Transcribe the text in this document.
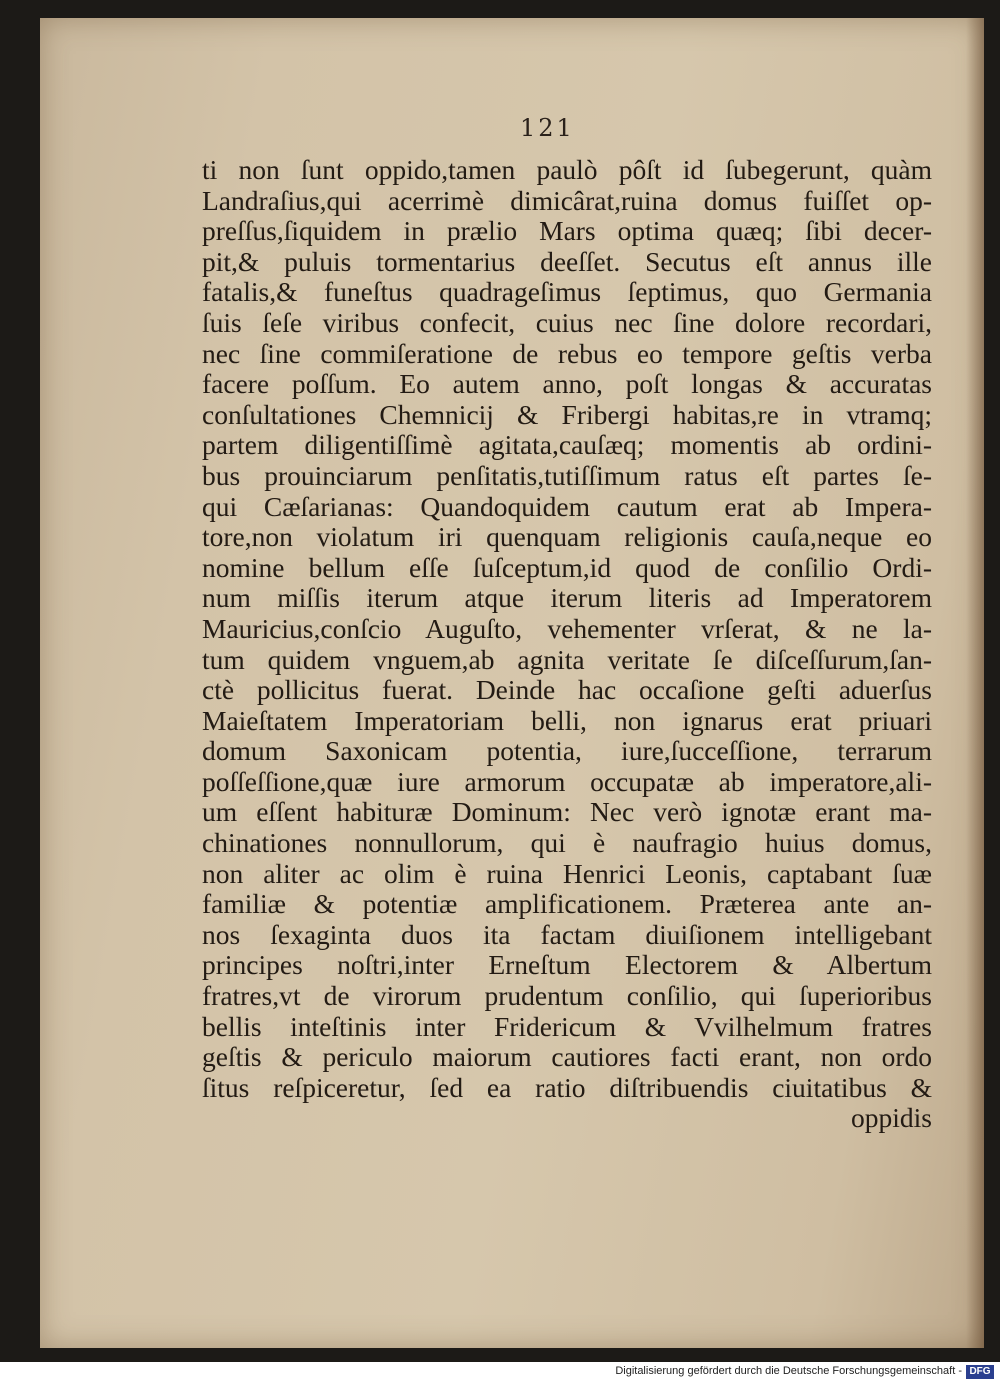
121
ti non ſunt oppido,tamen paulò pôſt id ſubegerunt, quàm
Landraſius,qui acerrimè dimicârat,ruina domus fuiſſet op-
preſſus,ſiquidem in prælio Mars optima quæq; ſibi decer-
pit,& puluis tormentarius deeſſet. Secutus eſt annus ille
fatalis,& funeſtus quadrageſimus ſeptimus, quo Germania
ſuis ſeſe viribus confecit, cuius nec ſine dolore recordari,
nec ſine commiſeratione de rebus eo tempore geſtis verba
facere poſſum. Eo autem anno, poſt longas & accuratas
conſultationes Chemnicij & Fribergi habitas,re in vtramq;
partem diligentiſſimè agitata,cauſæq; momentis ab ordini-
bus prouinciarum penſitatis,tutiſſimum ratus eſt partes ſe-
qui Cæſarianas: Quandoquidem cautum erat ab Impera-
tore,non violatum iri quenquam religionis cauſa,neque eo
nomine bellum eſſe ſuſceptum,id quod de conſilio Ordi-
num miſſis iterum atque iterum literis ad Imperatorem
Mauricius,conſcio Auguſto, vehementer vrſerat, & ne la-
tum quidem vnguem,ab agnita veritate ſe diſceſſurum,ſan-
ctè pollicitus fuerat. Deinde hac occaſione geſti aduerſus
Maieſtatem Imperatoriam belli, non ignarus erat priuari
domum Saxonicam potentia, iure,ſucceſſione, terrarum
poſſeſſione,quæ iure armorum occupatæ ab imperatore,ali-
um eſſent habituræ Dominum: Nec verò ignotæ erant ma-
chinationes nonnullorum, qui è naufragio huius domus,
non aliter ac olim è ruina Henrici Leonis, captabant ſuæ
familiæ & potentiæ amplificationem. Præterea ante an-
nos ſexaginta duos ita factam diuiſionem intelligebant
principes noſtri,inter Erneſtum Electorem & Albertum
fratres,vt de virorum prudentum conſilio, qui ſuperioribus
bellis inteſtinis inter Fridericum & Vvilhelmum fratres
geſtis & periculo maiorum cautiores facti erant, non ordo
ſitus reſpiceretur, ſed ea ratio diſtribuendis ciuitatibus &
oppidis
Digitalisierung gefördert durch die Deutsche Forschungsgemeinschaft - DFG
